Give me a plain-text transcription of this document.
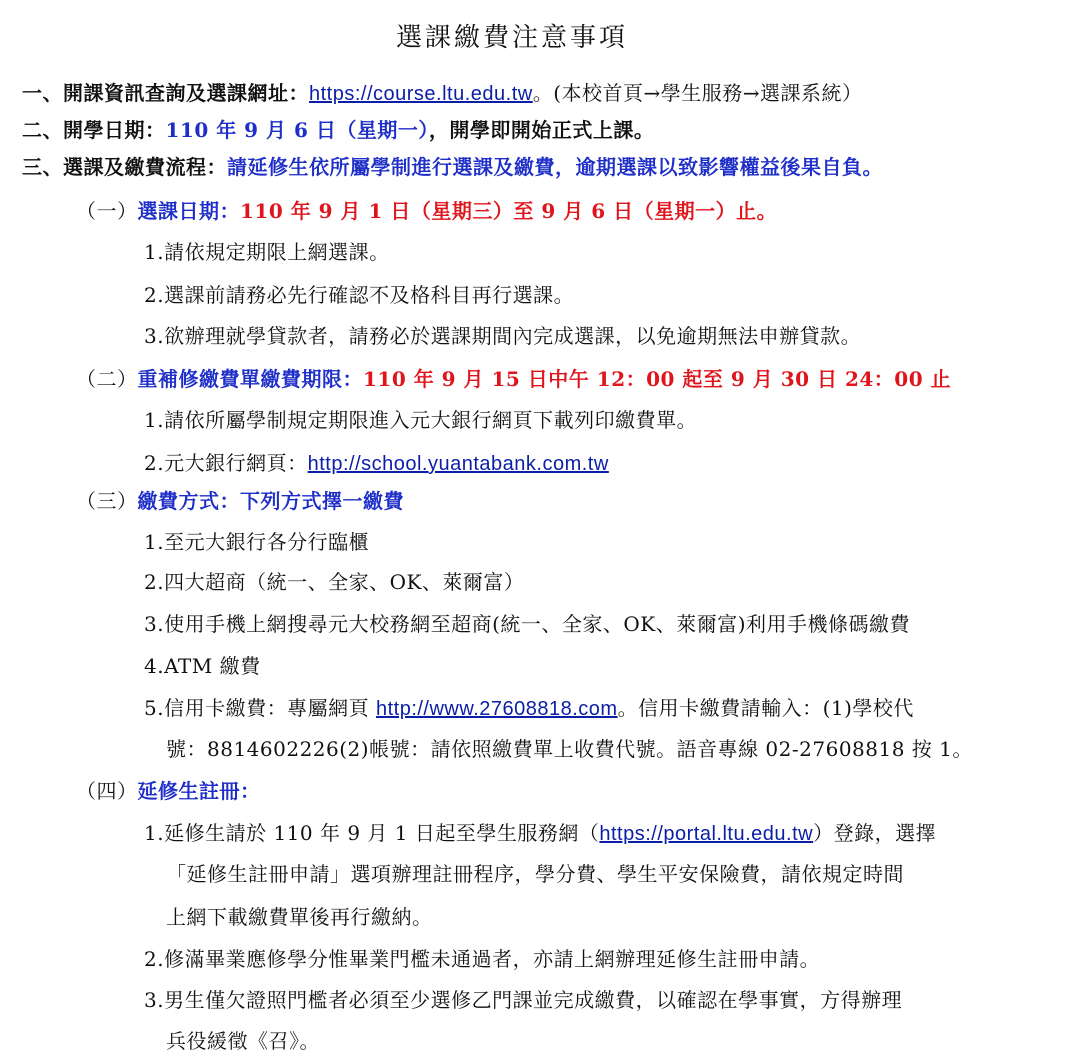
選課繳費注意事項
一、開課資訊查詢及選課網址：https://course.ltu.edu.tw。(本校首頁→學生服務→選課系統）
二、開學日期：110 年 9 月 6 日（星期一），開學即開始正式上課。
三、選課及繳費流程：請延修生依所屬學制進行選課及繳費，逾期選課以致影響權益後果自負。
（一）選課日期：110 年 9 月 1 日（星期三）至 9 月 6 日（星期一）止。
1.請依規定期限上網選課。
2.選課前請務必先行確認不及格科目再行選課。
3.欲辦理就學貸款者，請務必於選課期間內完成選課，以免逾期無法申辦貸款。
（二）重補修繳費單繳費期限：110 年 9 月 15 日中午 12：00 起至 9 月 30 日 24：00 止
1.請依所屬學制規定期限進入元大銀行網頁下載列印繳費單。
2.元大銀行網頁：http://school.yuantabank.com.tw
（三）繳費方式：下列方式擇一繳費
1.至元大銀行各分行臨櫃
2.四大超商（統一、全家、OK、萊爾富）
3.使用手機上網搜尋元大校務網至超商(統一、全家、OK、萊爾富)利用手機條碼繳費
4.ATM 繳費
5.信用卡繳費：專屬網頁 http://www.27608818.com。信用卡繳費請輸入：(1)學校代
號：8814602226(2)帳號：請依照繳費單上收費代號。語音專線 02-27608818 按 1。
（四）延修生註冊：
1.延修生請於 110 年 9 月 1 日起至學生服務網（https://portal.ltu.edu.tw）登錄，選擇
「延修生註冊申請」選項辦理註冊程序，學分費、學生平安保險費，請依規定時間
上網下載繳費單後再行繳納。
2.修滿畢業應修學分惟畢業門檻未通過者，亦請上網辦理延修生註冊申請。
3.男生僅欠證照門檻者必須至少選修乙門課並完成繳費，以確認在學事實，方得辦理
兵役緩徵《召》。
